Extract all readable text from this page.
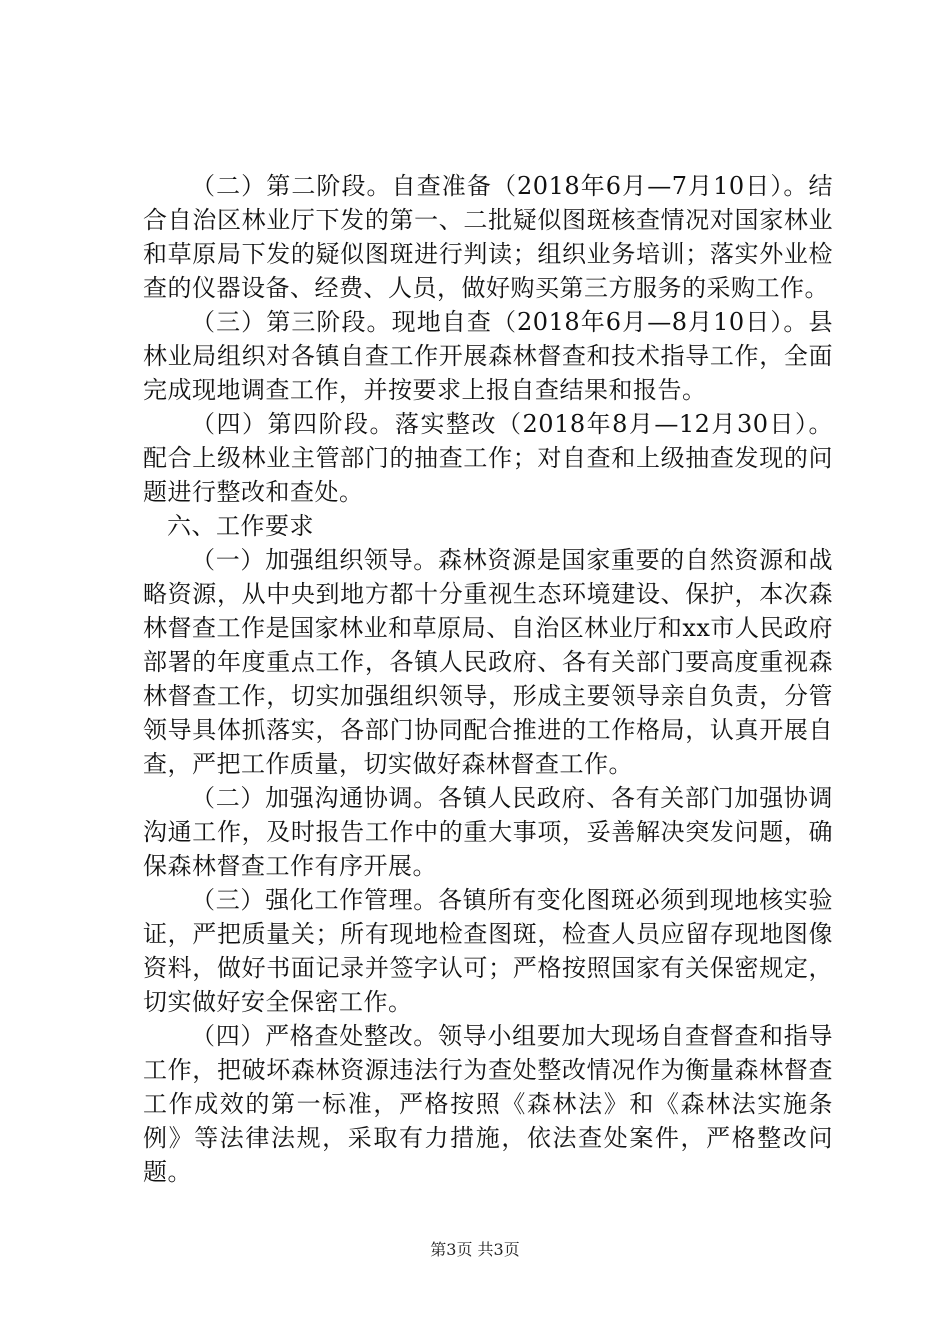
（二）第二阶段。自查准备（2018年6月—7月10日）。结合自治区林业厅下发的第一、二批疑似图斑核查情况对国家林业和草原局下发的疑似图斑进行判读；组织业务培训；落实外业检查的仪器设备、经费、人员，做好购买第三方服务的采购工作。

（三）第三阶段。现地自查（2018年6月—8月10日）。县林业局组织对各镇自查工作开展森林督查和技术指导工作，全面完成现地调查工作，并按要求上报自查结果和报告。

（四）第四阶段。落实整改（2018年8月—12月30日）。配合上级林业主管部门的抽查工作；对自查和上级抽查发现的问题进行整改和查处。

六、工作要求

（一）加强组织领导。森林资源是国家重要的自然资源和战略资源，从中央到地方都十分重视生态环境建设、保护，本次森林督查工作是国家林业和草原局、自治区林业厅和xx市人民政府部署的年度重点工作，各镇人民政府、各有关部门要高度重视森林督查工作，切实加强组织领导，形成主要领导亲自负责，分管领导具体抓落实，各部门协同配合推进的工作格局，认真开展自查，严把工作质量，切实做好森林督查工作。

（二）加强沟通协调。各镇人民政府、各有关部门加强协调沟通工作，及时报告工作中的重大事项，妥善解决突发问题，确保森林督查工作有序开展。

（三）强化工作管理。各镇所有变化图斑必须到现地核实验证，严把质量关；所有现地检查图斑，检查人员应留存现地图像资料，做好书面记录并签字认可；严格按照国家有关保密规定，切实做好安全保密工作。

（四）严格查处整改。领导小组要加大现场自查督查和指导工作，把破坏森林资源违法行为查处整改情况作为衡量森林督查工作成效的第一标准，严格按照《森林法》和《森林法实施条例》等法律法规，采取有力措施，依法查处案件，严格整改问题。

第3页 共3页
